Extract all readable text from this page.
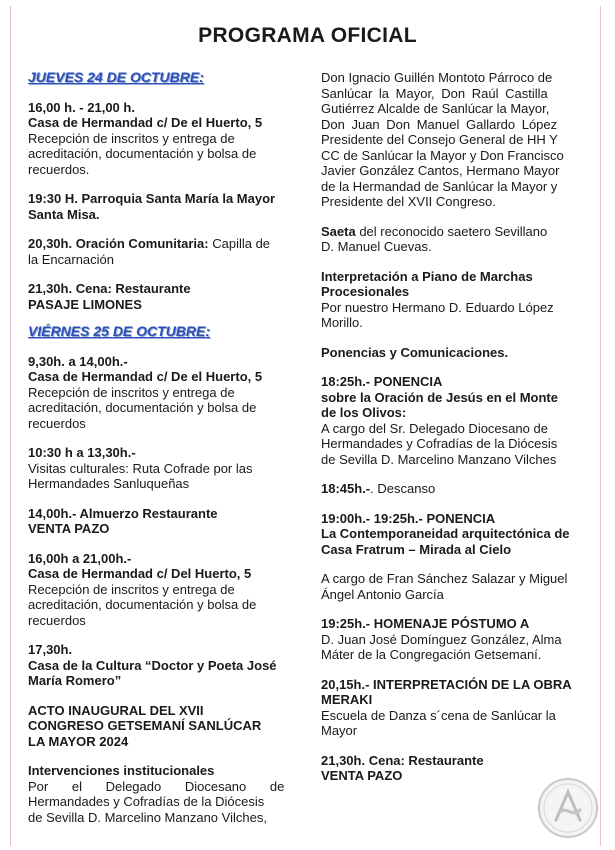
PROGRAMA OFICIAL

JUEVES 24 DE OCTUBRE:

16,00 h. - 21,00 h.

Casa de Hermandad c/ De el Huerto, 5

Recepción de inscritos y entrega de

acreditación, documentación y bolsa de

recuerdos.

19:30 H. Parroquia Santa María la Mayor

Santa Misa.

20,30h. Oración Comunitaria: Capilla de

la Encarnación

21,30h. Cena: Restaurante

PASAJE LIMONES

VIÉRNES 25 DE OCTUBRE:

9,30h. a 14,00h.-

Casa de Hermandad c/ De el Huerto, 5

Recepción de inscritos y entrega de

acreditación, documentación y bolsa de

recuerdos

10:30 h a 13,30h.-

Visitas culturales: Ruta Cofrade por las

Hermandades Sanluqueñas

14,00h.- Almuerzo Restaurante

VENTA PAZO

16,00h a 21,00h.-

Casa de Hermandad c/ Del Huerto, 5

Recepción de inscritos y entrega de

acreditación, documentación y bolsa de

recuerdos

17,30h.

Casa de la Cultura “Doctor y Poeta José

María Romero”

ACTO INAUGURAL DEL XVII

CONGRESO GETSEMANÍ SANLÚCAR

LA MAYOR 2024

Intervenciones institucionales

Por el Delegado Diocesano de

Hermandades y Cofradías de la Diócesis

de Sevilla D. Marcelino Manzano Vilches,

Don Ignacio Guillén Montoto Párroco de

Sanlúcar la Mayor, Don Raúl Castilla

Gutiérrez Alcalde de Sanlúcar la Mayor,

Don Juan Don Manuel Gallardo López

Presidente del Consejo General de HH Y

CC de Sanlúcar la Mayor y Don Francisco

Javier González Cantos, Hermano Mayor

de la Hermandad de Sanlúcar la Mayor y

Presidente del XVII Congreso.

Saeta del reconocido saetero Sevillano

D. Manuel Cuevas.

Interpretación a Piano de Marchas

Procesionales

Por nuestro Hermano D. Eduardo López

Morillo.

Ponencias y Comunicaciones.

18:25h.- PONENCIA

sobre la Oración de Jesús en el Monte

de los Olivos:

A cargo del Sr. Delegado Diocesano de

Hermandades y Cofradías de la Diócesis

de Sevilla D. Marcelino Manzano Vilches

18:45h.-. Descanso

19:00h.- 19:25h.- PONENCIA

La Contemporaneidad arquitectónica de

Casa Fratrum – Mirada al Cielo

A cargo de Fran Sánchez Salazar y Miguel

Ángel Antonio García

19:25h.- HOMENAJE PÓSTUMO A

D. Juan José Domínguez González, Alma

Máter de la Congregación Getsemaní.

20,15h.- INTERPRETACIÓN DE LA OBRA

MERAKI

Escuela de Danza s´cena de Sanlúcar la

Mayor

21,30h. Cena: Restaurante

VENTA PAZO
